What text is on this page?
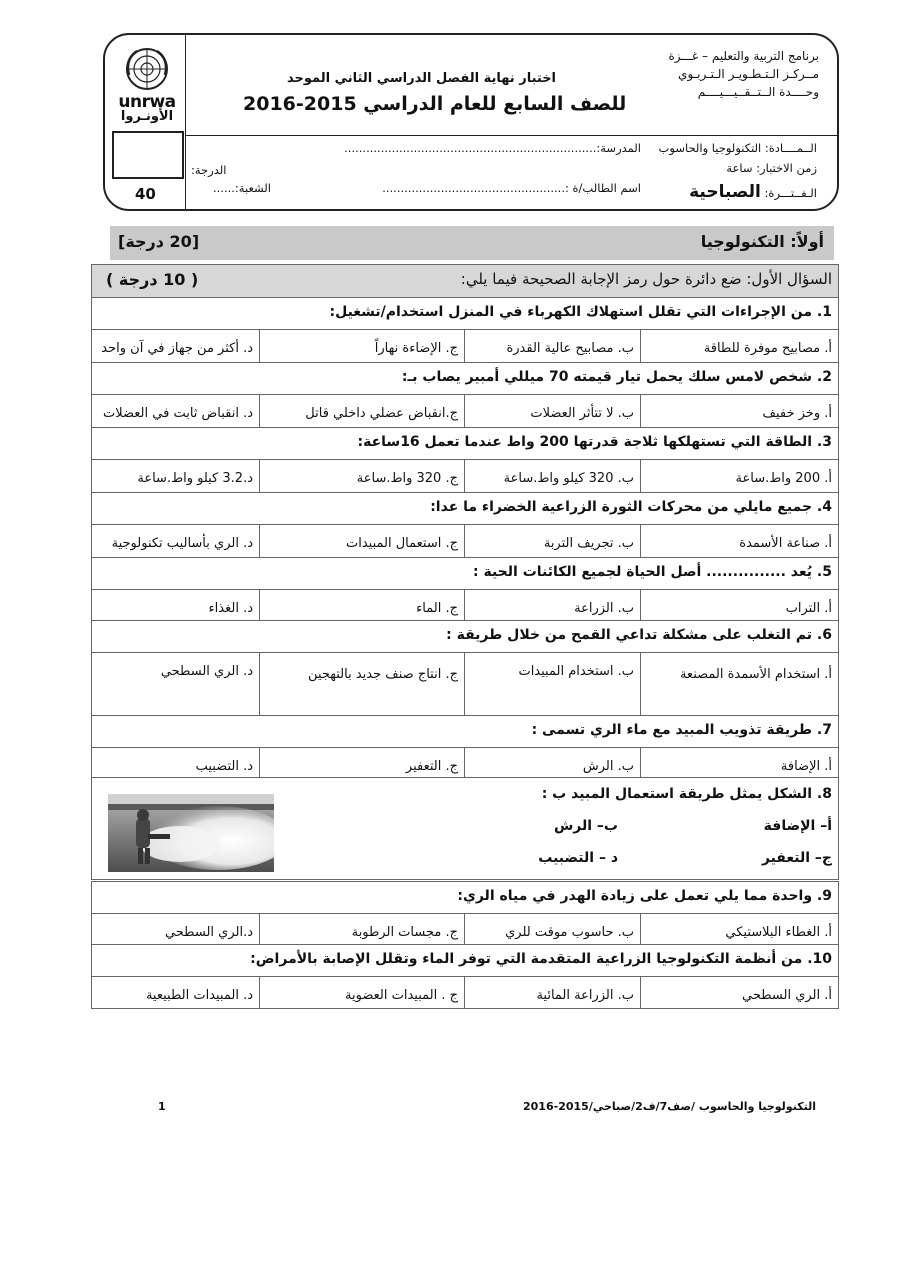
unrwa
الأونـروا
40
برنامج التربية والتعليم – غـــزة
مــركـز الـتـطـويـر الـتـربـوي
وحــــدة الــتــقــيـــيــــم
اختبار نهاية الفصل الدراسي الثاني الموحد
للصف السابع للعام الدراسي 2015-2016
الــمــــادة: التكنولوجيا والحاسوب
المدرسة:.....................................................................
زمن الاختبار: ساعة
الدرجة:
الـفــتـــرة: الصباحية
اسم الطالب/ة :..................................................
الشعبة:......
أولاً: التكنولوجيا
[20 درجة]
السؤال الأول: ضع دائرة حول رمز الإجابة الصحيحة فيما يلي:
( 10 درجة )
1. من الإجراءات التي تقلل استهلاك الكهرباء في المنزل استخدام/تشغيل:
أ. مصابيح موفرة للطاقة
ب. مصابيح عالية القدرة
ج. الإضاءة نهاراً
د. أكثر من جهاز في آن واحد
2. شخص لامس سلك يحمل تيار قيمته 70 ميللي أمبير يصاب بـ:
أ. وخز خفيف
ب. لا تتأثر العضلات
ج.انقباض عضلي داخلي قاتل
د. انقباض ثابت في العضلات
3. الطاقة التي تستهلكها ثلاجة قدرتها 200 واط عندما تعمل 16ساعة:
أ. 200 واط.ساعة
ب. 320 كيلو واط.ساعة
ج. 320 واط.ساعة
د.3.2 كيلو واط.ساعة
4. جميع مايلي من محركات الثورة الزراعية الخضراء ما عدا:
أ. صناعة الأسمدة
ب. تجريف التربة
ج. استعمال المبيدات
د. الري بأساليب تكنولوجية
5. يُعد ............... أصل الحياة لجميع الكائنات الحية :
أ. التراب
ب. الزراعة
ج. الماء
د. الغذاء
6. تم التغلب على مشكلة تداعي القمح من خلال طريقة :
أ. استخدام الأسمدة المصنعة
ب. استخدام المبيدات
ج. انتاج صنف جديد بالتهجين
د. الري السطحي
7. طريقة تذويب المبيد مع ماء الري تسمى :
أ. الإضافة
ب. الرش
ج. التعفير
د. التضبيب
8. الشكل يمثل طريقة استعمال المبيد ب :
أ– الإضافة
ب– الرش
ج– التعفير
د – التضبيب
9. واحدة مما يلي تعمل على زيادة الهدر في مياه الري:
أ. الغطاء البلاستيكي
ب. حاسوب موقت للري
ج. مجسات الرطوبة
د.الري السطحي
10. من أنظمة التكنولوجيا الزراعية المتقدمة التي توفر الماء وتقلل الإصابة بالأمراض:
أ. الري السطحي
ب. الزراعة المائية
ج . المبيدات العضوية
د. المبيدات الطبيعية
1	التكنولوجيا والحاسوب /صف7/ف2/صباحي/2015-2016
